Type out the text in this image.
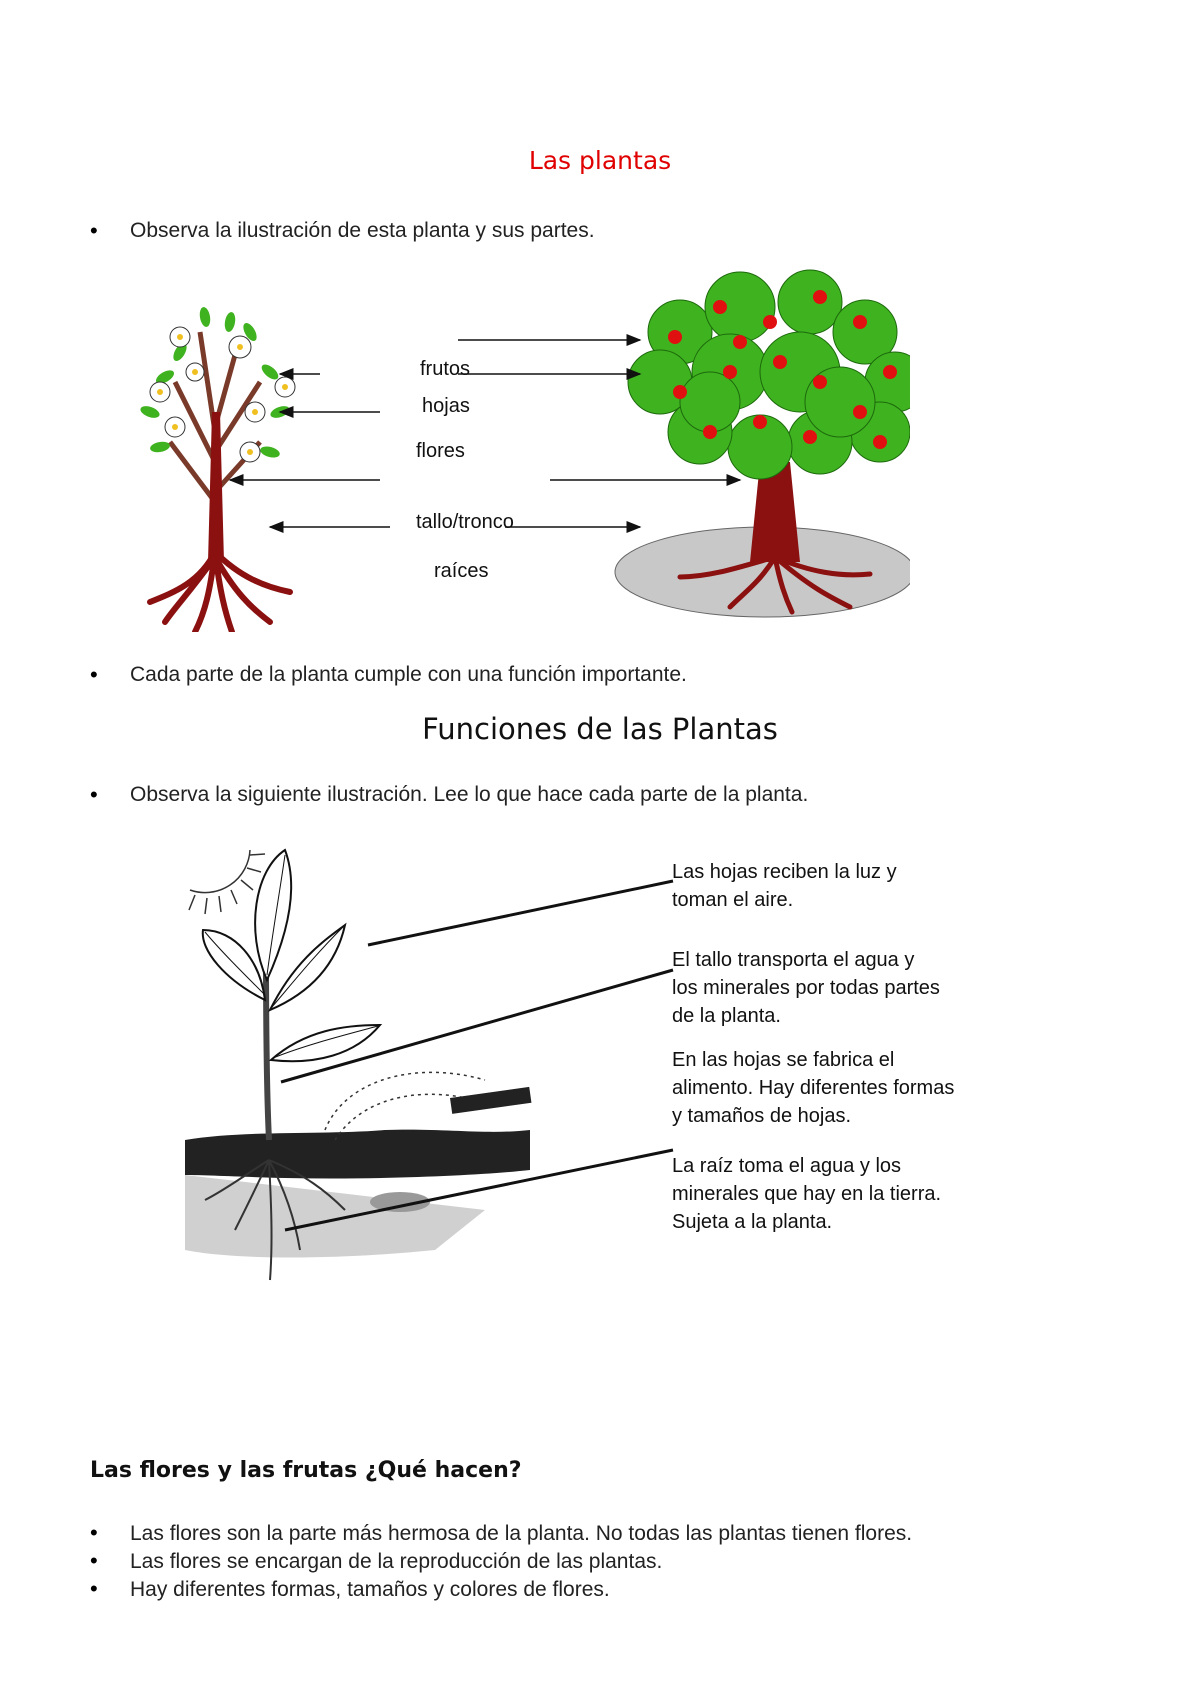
Las plantas
•	Observa la ilustración de esta planta y sus partes.
frutos
hojas
flores
tallo/tronco
raíces
•	Cada parte de la planta cumple con una función importante.
Funciones de las Plantas
•	Observa la siguiente ilustración. Lee lo que hace cada parte de la planta.
Las hojas reciben la luz y
toman el aire.
El tallo transporta el agua y
los minerales por todas partes
de la planta.
En las hojas se fabrica el
alimento. Hay diferentes formas
y tamaños de hojas.
La raíz toma el agua y los
minerales que hay en la tierra.
Sujeta a la planta.
Las flores y las frutas ¿Qué hacen?
•	Las flores son la parte más hermosa de la planta. No todas las plantas tienen flores.
•	Las flores se encargan de la reproducción de las plantas.
•	Hay diferentes formas, tamaños y colores de flores.
